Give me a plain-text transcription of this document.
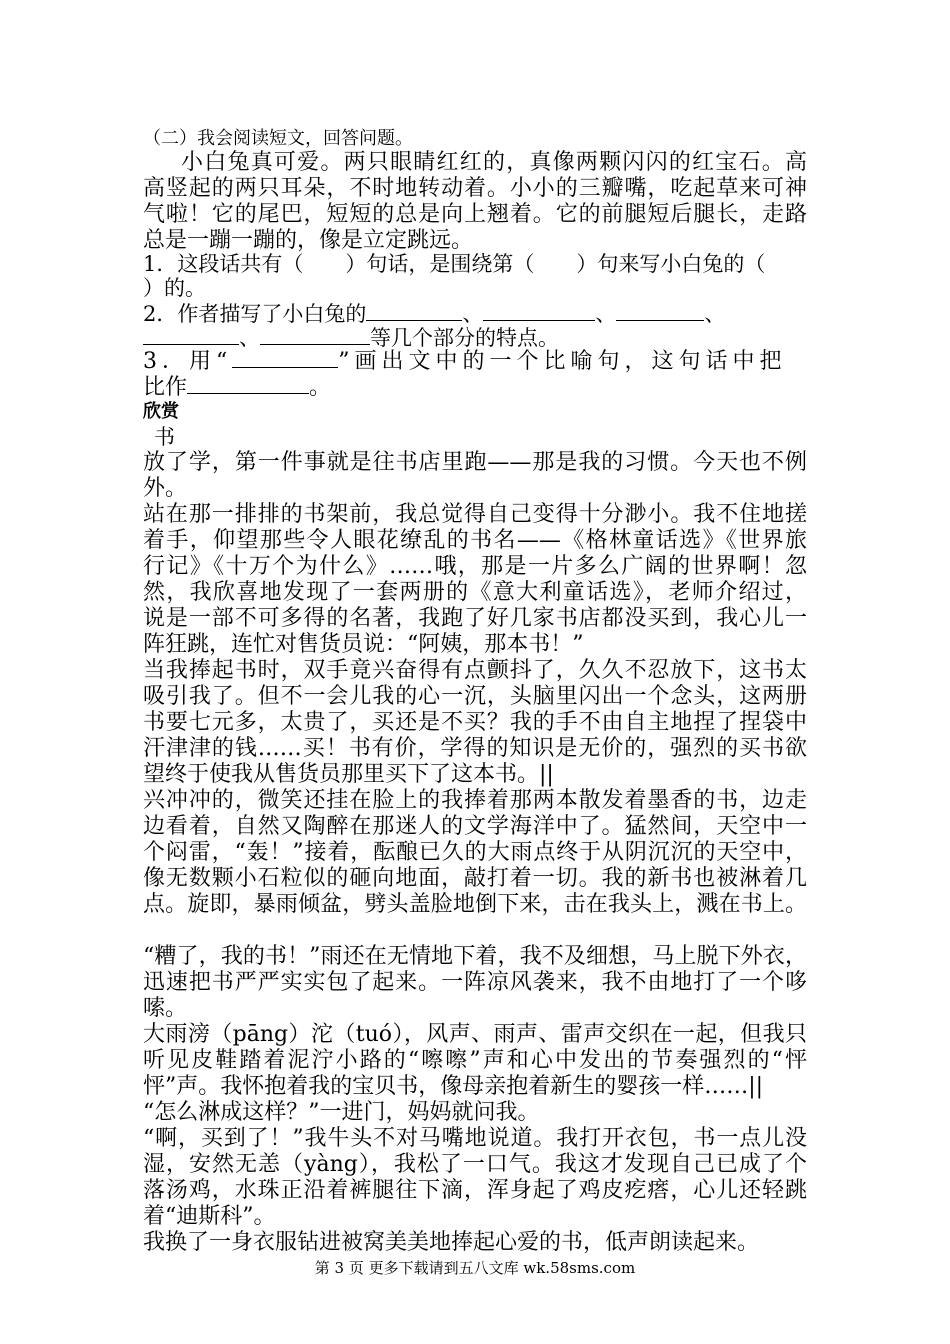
（二）我会阅读短文，回答问题。
小白兔真可爱。两只眼睛红红的，真像两颗闪闪的红宝石。高
高竖起的两只耳朵，不时地转动着。小小的三瓣嘴，吃起草来可神
气啦！它的尾巴，短短的总是向上翘着。它的前腿短后腿长，走路
总是一蹦一蹦的，像是立定跳远。
1．这段话共有（　　）句话，是围绕第（　　）句来写小白兔的（
）的。
2．作者描写了小白兔的	、	、	、
、	等几个部分的特点。
3．用“	”画出文中的一个比喻句，这句话中把
比作	。
欣赏
书
放了学，第一件事就是往书店里跑——那是我的习惯。今天也不例
外。
站在那一排排的书架前，我总觉得自己变得十分渺小。我不住地搓
着手，仰望那些令人眼花缭乱的书名——《格林童话选》《世界旅
行记》《十万个为什么》……哦，那是一片多么广阔的世界啊！忽
然，我欣喜地发现了一套两册的《意大利童话选》，老师介绍过，
说是一部不可多得的名著，我跑了好几家书店都没买到，我心儿一
阵狂跳，连忙对售货员说：“阿姨，那本书！”
当我捧起书时，双手竟兴奋得有点颤抖了，久久不忍放下，这书太
吸引我了。但不一会儿我的心一沉，头脑里闪出一个念头，这两册
书要七元多，太贵了，买还是不买？我的手不由自主地捏了捏袋中
汗津津的钱……买！书有价，学得的知识是无价的，强烈的买书欲
望终于使我从售货员那里买下了这本书。||
兴冲冲的，微笑还挂在脸上的我捧着那两本散发着墨香的书，边走
边看着，自然又陶醉在那迷人的文学海洋中了。猛然间，天空中一
个闷雷，“轰！”接着，酝酿已久的大雨点终于从阴沉沉的天空中，
像无数颗小石粒似的砸向地面，敲打着一切。我的新书也被淋着几
点。旋即，暴雨倾盆，劈头盖脸地倒下来，击在我头上，溅在书上。
“糟了，我的书！”雨还在无情地下着，我不及细想，马上脱下外衣，
迅速把书严严实实包了起来。一阵凉风袭来，我不由地打了一个哆
嗦。
大雨滂（pāng）沱（tuó），风声、雨声、雷声交织在一起，但我只
听见皮鞋踏着泥泞小路的“嚓嚓”声和心中发出的节奏强烈的“怦
怦”声。我怀抱着我的宝贝书，像母亲抱着新生的婴孩一样……||
“怎么淋成这样？”一进门，妈妈就问我。
“啊，买到了！”我牛头不对马嘴地说道。我打开衣包，书一点儿没
湿，安然无恙（yàng），我松了一口气。我这才发现自己已成了个
落汤鸡，水珠正沿着裤腿往下滴，浑身起了鸡皮疙瘩，心儿还轻跳
着“迪斯科”。
我换了一身衣服钻进被窝美美地捧起心爱的书，低声朗读起来。
第 3 页 更多下载请到五八文库 wk.58sms.com
